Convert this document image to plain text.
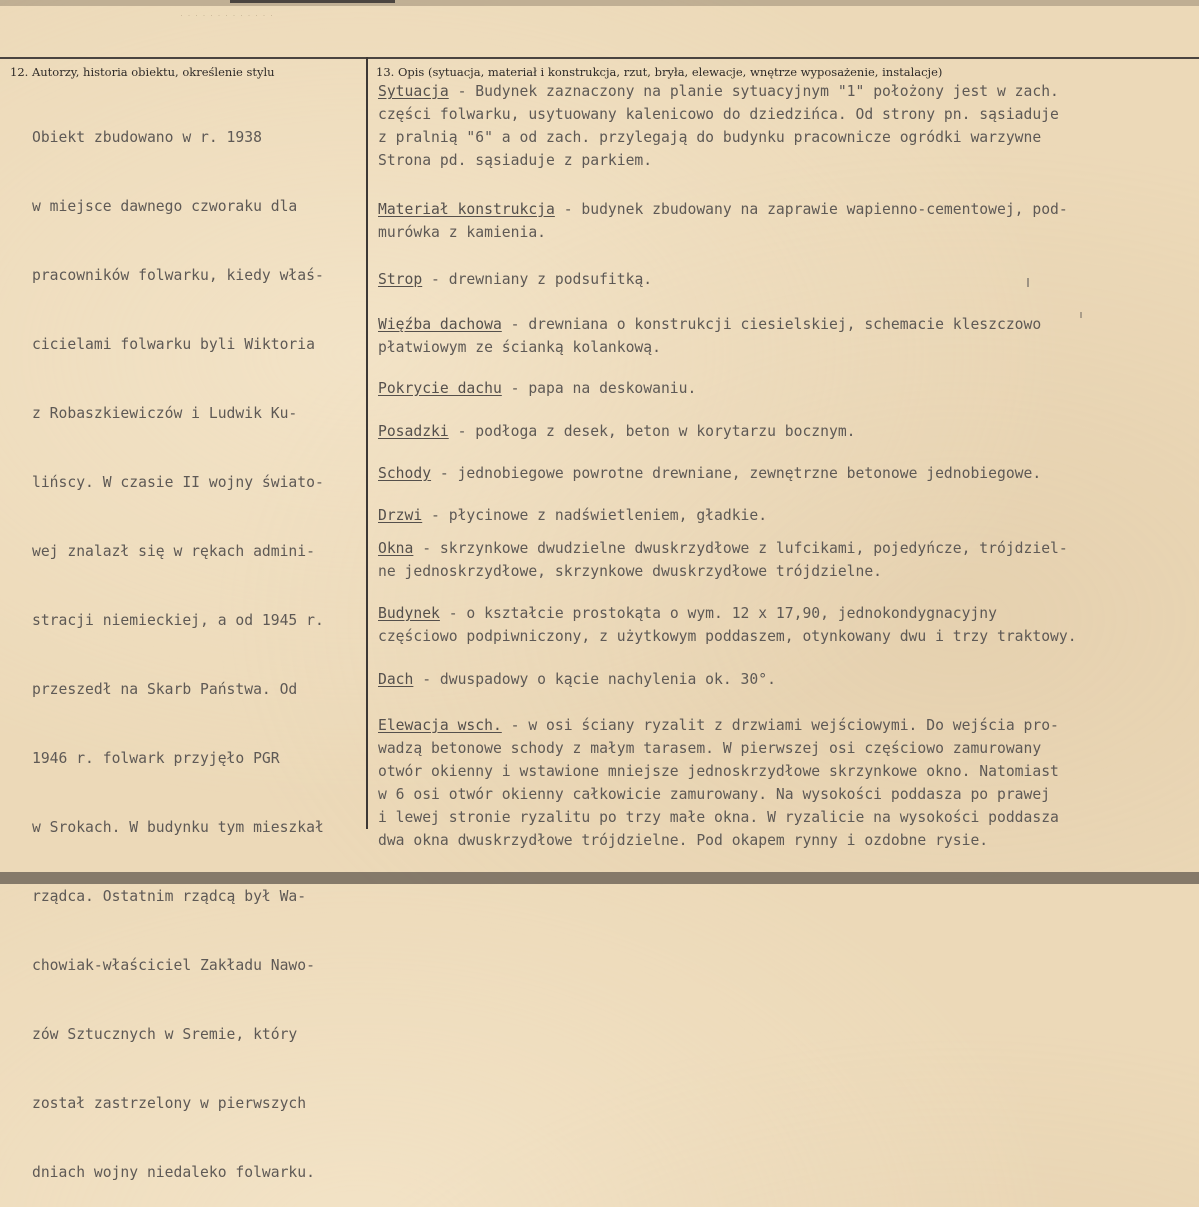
· · · · · · · · · · · · ·
12. Autorzy, historia obiektu, określenie stylu	13. Opis (sytuacja, materiał i konstrukcja, rzut, bryła, elewacje, wnętrze wyposażenie, instalacje)

Obiekt zbudowano w r. 1938

w miejsce dawnego czworaku dla

pracowników folwarku, kiedy właś-

cicielami folwarku byli Wiktoria

z Robaszkiewiczów i Ludwik Ku-

lińscy. W czasie II wojny świato-

wej znalazł się w rękach admini-

stracji niemieckiej, a od 1945 r.

przeszedł na Skarb Państwa. Od

1946 r. folwark przyjęło PGR

w Srokach. W budynku tym mieszkał

rządca. Ostatnim rządcą był Wa-

chowiak-właściciel Zakładu Nawo-

zów Sztucznych w Sremie, który

został zastrzelony w pierwszych

dniach wojny niedaleko folwarku.

Sytuacja - Budynek zaznaczony na planie sytuacyjnym "1" położony jest w zach.
części folwarku, usytuowany kalenicowo do dziedzińca. Od strony pn. sąsiaduje
z pralnią "6" a od zach. przylegają do budynku pracownicze ogródki warzywne
Strona pd. sąsiaduje z parkiem.
Materiał konstrukcja - budynek zbudowany na zaprawie wapienno-cementowej, pod-
murówka z kamienia.
Strop - drewniany z podsufitką.
Więźba dachowa - drewniana o konstrukcji ciesielskiej, schemacie kleszczowo
płatwiowym ze ścianką kolankową.
Pokrycie dachu - papa na deskowaniu.
Posadzki - podłoga z desek, beton w korytarzu bocznym.
Schody - jednobiegowe powrotne drewniane, zewnętrzne betonowe jednobiegowe.
Drzwi - płycinowe z nadświetleniem, gładkie.
Okna - skrzynkowe dwudzielne dwuskrzydłowe z lufcikami, pojedyńcze, trójdziel-
ne jednoskrzydłowe, skrzynkowe dwuskrzydłowe trójdzielne.
Budynek - o kształcie prostokąta o wym. 12 x 17,90, jednokondygnacyjny
częściowo podpiwniczony, z użytkowym poddaszem, otynkowany dwu i trzy traktowy.
Dach - dwuspadowy o kącie nachylenia ok. 30°.
Elewacja wsch. - w osi ściany ryzalit z drzwiami wejściowymi. Do wejścia pro-
wadzą betonowe schody z małym tarasem. W pierwszej osi częściowo zamurowany
otwór okienny i wstawione mniejsze jednoskrzydłowe skrzynkowe okno. Natomiast
w 6 osi otwór okienny całkowicie zamurowany. Na wysokości poddasza po prawej
i lewej stronie ryzalitu po trzy małe okna. W ryzalicie na wysokości poddasza
dwa okna dwuskrzydłowe trójdzielne. Pod okapem rynny i ozdobne rysie.
